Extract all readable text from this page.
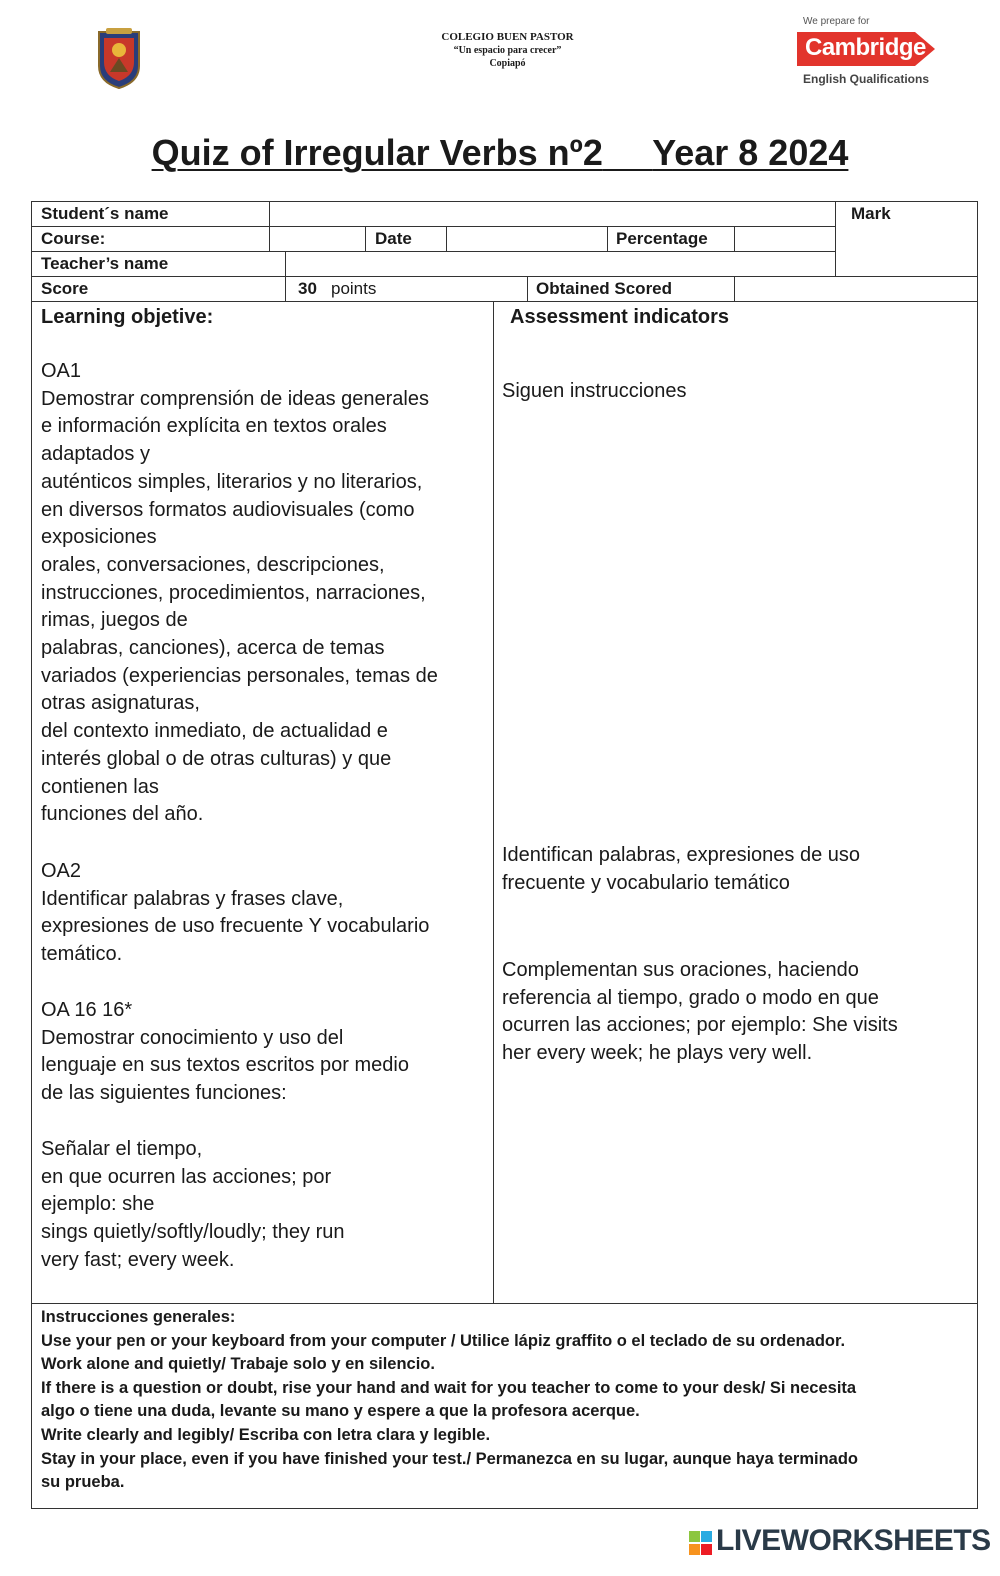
COLEGIO BUEN PASTOR
“Un espacio para crecer”
Copiapó
We prepare for
Cambridge
English Qualifications
Quiz of Irregular Verbs nº2 Year 8 2024
Student´s name	Mark
Course:	Date	Percentage
Teacher’s name
Score	30 points	Obtained Scored
Learning objetive:
OA1
Demostrar comprensión de ideas generales
e información explícita en textos orales
adaptados y
auténticos simples, literarios y no literarios,
en diversos formatos audiovisuales (como
exposiciones
orales, conversaciones, descripciones,
instrucciones, procedimientos, narraciones,
rimas, juegos de
palabras, canciones), acerca de temas
variados (experiencias personales, temas de
otras asignaturas,
del contexto inmediato, de actualidad e
interés global o de otras culturas) y que
contienen las
funciones del año.
OA2
Identificar palabras y frases clave,
expresiones de uso frecuente Y vocabulario
temático.
OA 16 16*
Demostrar conocimiento y uso del
lenguaje en sus textos escritos por medio
de las siguientes funciones:
Señalar el tiempo,
en que ocurren las acciones; por
ejemplo: she
sings quietly/softly/loudly; they run
very fast; every week.
Assessment indicators
Siguen instrucciones
Identifican palabras, expresiones de uso
frecuente y vocabulario temático
Complementan sus oraciones, haciendo
referencia al tiempo, grado o modo en que
ocurren las acciones; por ejemplo: She visits
her every week; he plays very well.
Instrucciones generales:
Use your pen or your keyboard from your computer / Utilice lápiz graffito o el teclado de su ordenador.
Work alone and quietly/ Trabaje solo y en silencio.
If there is a question or doubt, rise your hand and wait for you teacher to come to your desk/ Si necesita
algo o tiene una duda, levante su mano y espere a que la profesora acerque.
Write clearly and legibly/ Escriba con letra clara y legible.
Stay in your place, even if you have finished your test./ Permanezca en su lugar, aunque haya terminado
su prueba.
LIVEWORKSHEETS
